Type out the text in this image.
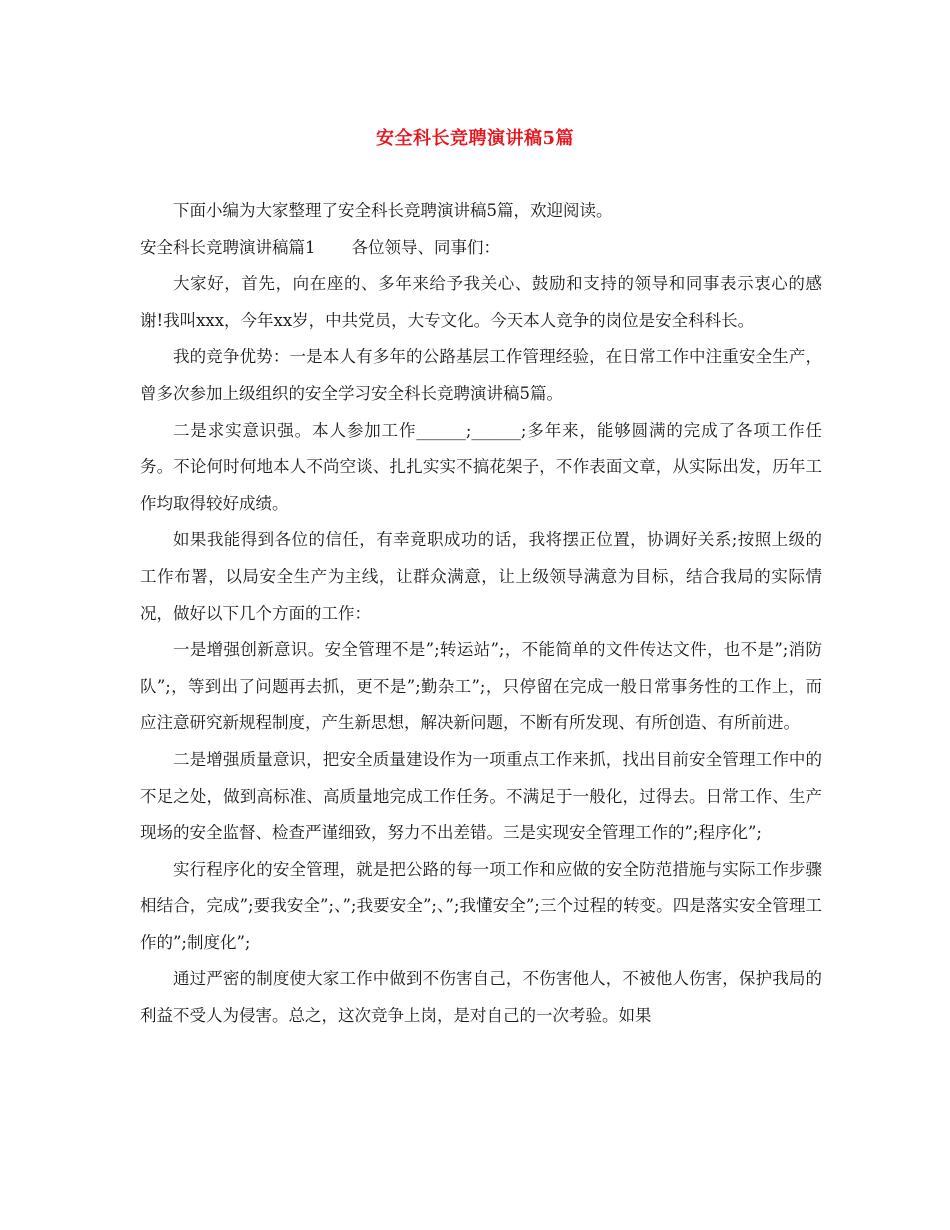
安全科长竞聘演讲稿5篇

下面小编为大家整理了安全科长竞聘演讲稿5篇，欢迎阅读。

安全科长竞聘演讲稿篇1 各位领导、同事们：

大家好，首先，向在座的、多年来给予我关心、鼓励和支持的领导和同事表示衷心的感谢!我叫xxx，今年xx岁，中共党员，大专文化。今天本人竞争的岗位是安全科科长。

我的竞争优势：一是本人有多年的公路基层工作管理经验，在日常工作中注重安全生产，曾多次参加上级组织的安全学习安全科长竞聘演讲稿5篇。

二是求实意识强。本人参加工作______;______;多年来，能够圆满的完成了各项工作任务。不论何时何地本人不尚空谈、扎扎实实不搞花架子，不作表面文章，从实际出发，历年工作均取得较好成绩。

如果我能得到各位的信任，有幸竟职成功的话，我将摆正位置，协调好关系;按照上级的工作布署，以局安全生产为主线，让群众满意，让上级领导满意为目标，结合我局的实际情况，做好以下几个方面的工作：

一是增强创新意识。安全管理不是”;转运站”;，不能简单的文件传达文件，也不是”;消防队”;，等到出了问题再去抓，更不是”;勤杂工”;，只停留在完成一般日常事务性的工作上，而应注意研究新规程制度，产生新思想，解决新问题，不断有所发现、有所创造、有所前进。

二是增强质量意识，把安全质量建设作为一项重点工作来抓，找出目前安全管理工作中的不足之处，做到高标准、高质量地完成工作任务。不满足于一般化，过得去。日常工作、生产现场的安全监督、检查严谨细致，努力不出差错。三是实现安全管理工作的”;程序化”;

实行程序化的安全管理，就是把公路的每一项工作和应做的安全防范措施与实际工作步骤相结合，完成”;要我安全”;、”;我要安全”;、”;我懂安全”;三个过程的转变。四是落实安全管理工作的”;制度化”;

通过严密的制度使大家工作中做到不伤害自己，不伤害他人，不被他人伤害，保护我局的利益不受人为侵害。总之，这次竞争上岗，是对自己的一次考验。如果
